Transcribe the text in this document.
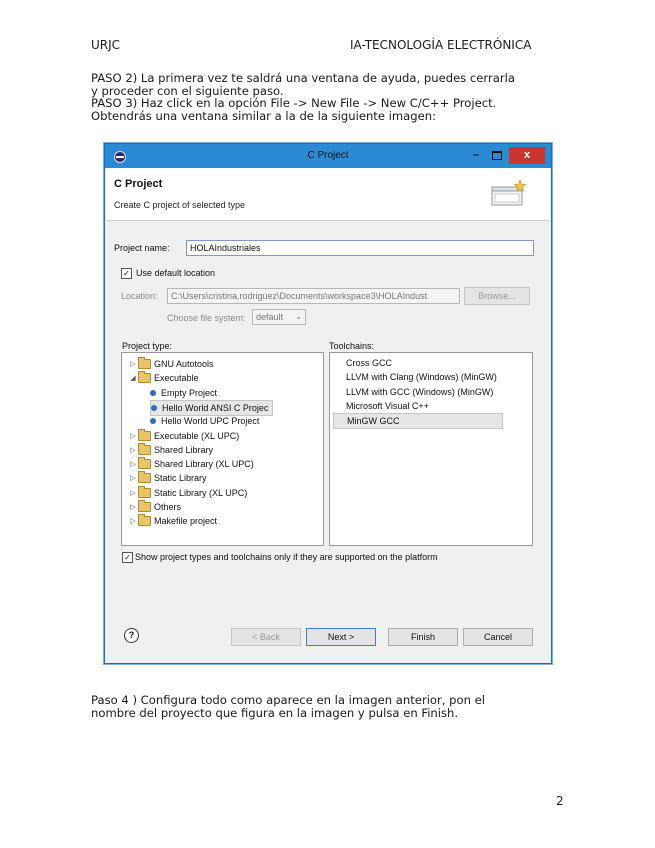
URJC	IA-TECNOLOGÍA ELECTRÓNICA
PASO 2) La primera vez te saldrá una ventana de ayuda, puedes cerrarla
y proceder con el siguiente paso.
PASO 3) Haz click en la opción File -> New File -> New C/C++ Project.
Obtendrás una ventana similar a la de la siguiente imagen:
C Project	–	x
C Project
Create C project of selected type
Project name:	HOLAIndustriales
✓ Use default location
Location:	C:\Users\cristina.rodriguez\Documents\workspace3\HOLAIndust	Browse...
Choose file system:	default ⌄
Project type:	Toolchains:
▷ GNU Autotools
◢ Executable
Empty Project
Hello World ANSI C Projec
Hello World UPC Project
▷ Executable (XL UPC)
▷ Shared Library
▷ Shared Library (XL UPC)
▷ Static Library
▷ Static Library (XL UPC)
▷ Others
▷ Makefile project
Cross GCC
LLVM with Clang (Windows) (MinGW)
LLVM with GCC (Windows) (MinGW)
Microsoft Visual C++
MinGW GCC
✓ Show project types and toolchains only if they are supported on the platform
?	< Back	Next >	Finish	Cancel
Paso 4 ) Configura todo como aparece en la imagen anterior, pon el
nombre del proyecto que figura en la imagen y pulsa en Finish.
2
